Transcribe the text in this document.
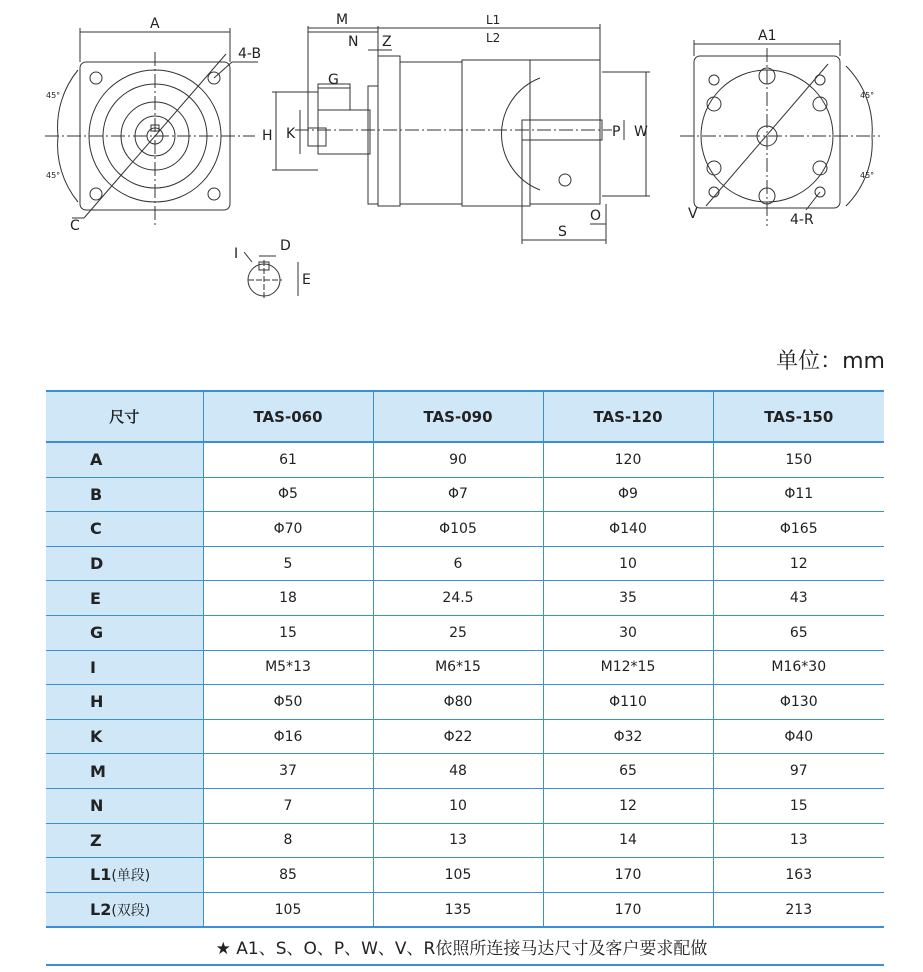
A
4-B
C
M
N Z
L1
L2
G
H K	P W
S
O
I	D
E
A1
V	4-R
45°
45°
45°
45°
单位：mm
尺寸	TAS-060	TAS-090	TAS-120	TAS-150
A	61	90	120	150
B	Φ5	Φ7	Φ9	Φ11
C	Φ70	Φ105	Φ140	Φ165
D	5	6	10	12
E	18	24.5	35	43
G	15	25	30	65
I	M5*13	M6*15	M12*15	M16*30
H	Φ50	Φ80	Φ110	Φ130
K	Φ16	Φ22	Φ32	Φ40
M	37	48	65	97
N	7	10	12	15
Z	8	13	14	13
L1(单段)	85	105	170	163
L2(双段)	105	135	170	213
★ A1、S、O、P、W、V、R依照所连接马达尺寸及客户要求配做
